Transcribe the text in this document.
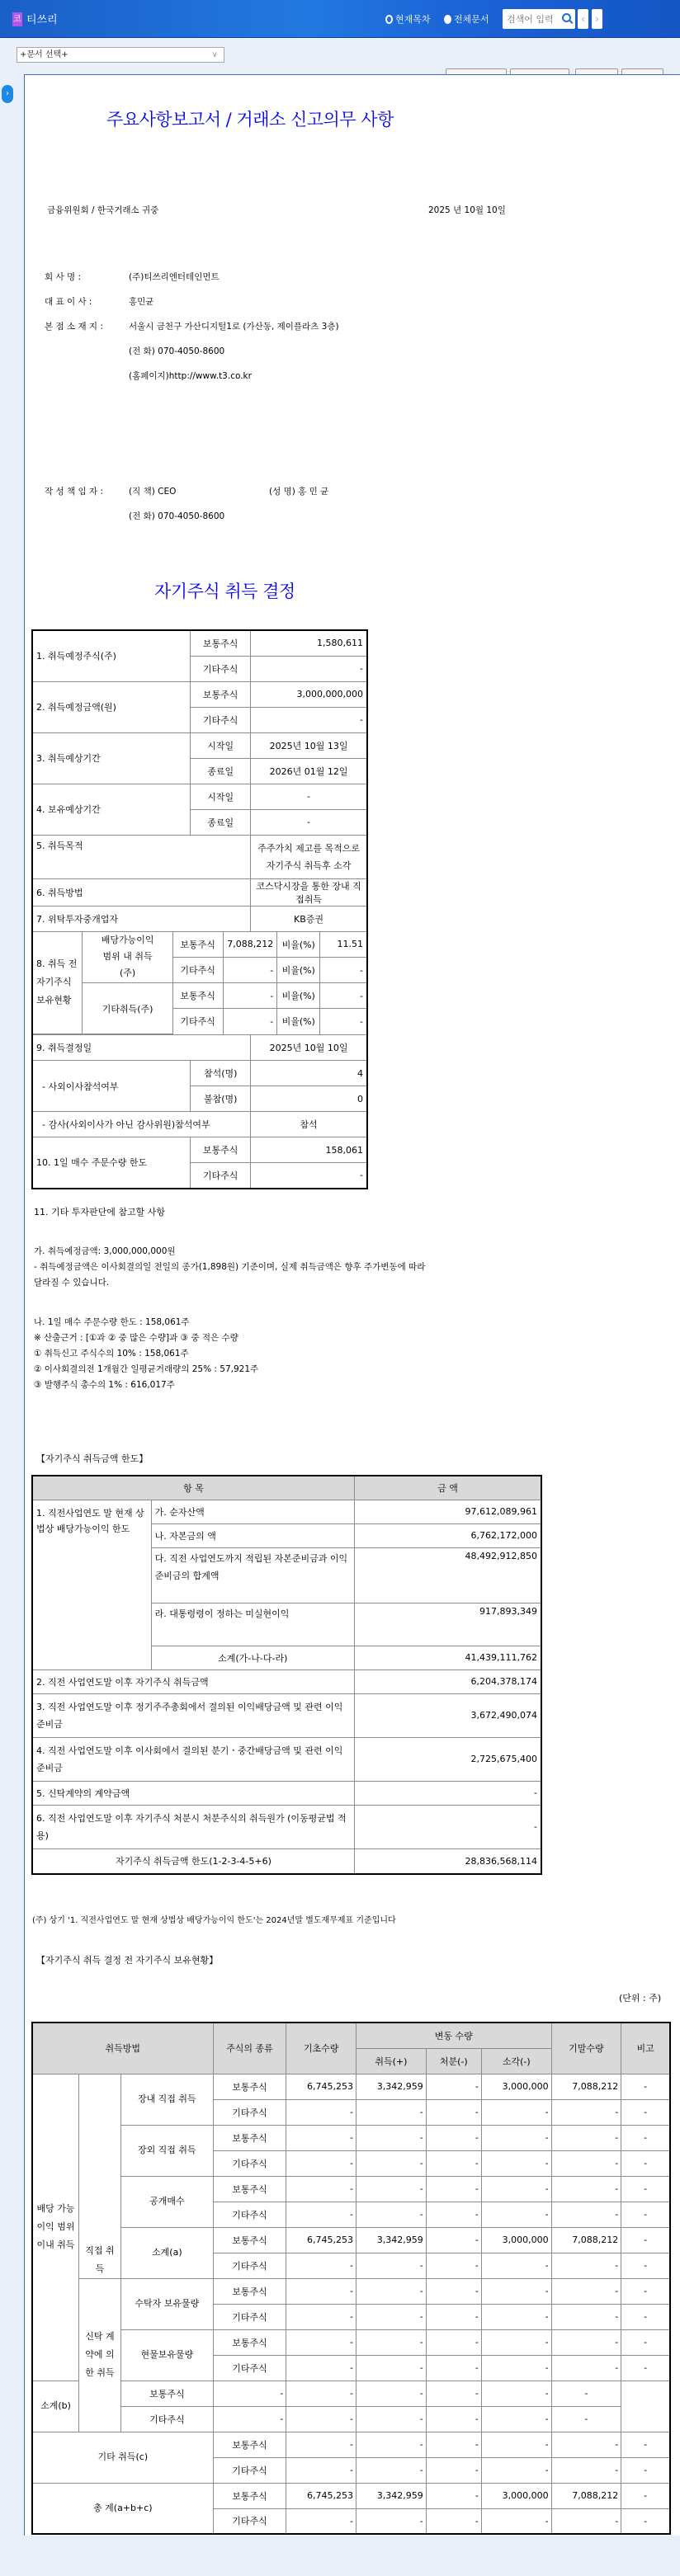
코 티쓰리	현재목차	전체문서
검색어 입력	‹	›
+문서 선택+	∨
›
주요사항보고서 / 거래소 신고의무 사항
금융위원회 / 한국거래소 귀중	2025 년 10월 10일
회 사 명 :	(주)티쓰리엔터테인먼트
대 표 이 사 :	홍민균
본 점 소 재 지 :	서울시 금천구 가산디지털1로 (가산동, 제이플라츠 3층)
(전 화) 070-4050-8600
(홈페이지)http://www.t3.co.kr
작 성 책 임 자 :	(직 책) CEO	(성 명) 홍 민 균
(전 화) 070-4050-8600
자기주식 취득 결정
1. 취득예정주식(주)	보통주식	1,580,611
기타주식	-
2. 취득예정금액(원)	보통주식	3,000,000,000
기타주식	-
3. 취득예상기간	시작일	2025년 10월 13일
종료일	2026년 01월 12일
4. 보유예상기간	시작일	-
종료일	-
5. 취득목적	주주가치 제고를 목적으로
자기주식 취득후 소각

6. 취득방법	코스닥시장을 통한 장내 직접취득
7. 위탁투자중개업자	KB증권

8. 취득 전 자기주식 보유현황	배당가능이익 범위 내 취득(주)	보통주식	7,088,212	비율(%)	11.51
기타주식	-	비율(%)	-
기타취득(주)	보통주식	-	비율(%)	-
기타주식	-	비율(%)	-

9. 취득결정일	2025년 10월 10일
- 사외이사참석여부	참석(명)	4
불참(명)	0
- 감사(사외이사가 아닌 감사위원)참석여부	참석
10. 1일 매수 주문수량 한도	보통주식	158,061
기타주식	-
11. 기타 투자판단에 참고할 사항
가. 취득예정금액: 3,000,000,000원
- 취득예정금액은 이사회결의일 전일의 종가(1,898원) 기준이며, 실제 취득금액은 향후 주가변동에 따라
달라질 수 있습니다.
나. 1일 매수 주문수량 한도 : 158,061주
※ 산출근거 : [①과 ② 중 많은 수량]과 ③ 중 적은 수량
① 취득신고 주식수의 10% : 158,061주
② 이사회결의전 1개월간 일평균거래량의 25% : 57,921주
③ 발행주식 총수의 1% : 616,017주
【자기주식 취득금액 한도】
항 목		금 액
1. 직전사업연도 말 현재 상법상 배당가능이익 한도	가. 순자산액	97,612,089,961
	나. 자본금의 액	6,762,172,000
	다. 직전 사업연도까지 적립된 자본준비금과 이익준비금의 합계액	48,492,912,850
	라. 대통령령이 정하는 미실현이익	917,893,349
	소계(가-나-다-라)	41,439,111,762
2. 직전 사업연도말 이후 자기주식 취득금액		6,204,378,174
3. 직전 사업연도말 이후 정기주주총회에서 결의된 이익배당금액 및 관련 이익준비금		3,672,490,074
4. 직전 사업연도말 이후 이사회에서 결의된 분기ㆍ중간배당금액 및 관련 이익준비금		2,725,675,400
5. 신탁계약의 계약금액		-
6. 직전 사업연도말 이후 자기주식 처분시 처분주식의 취득원가 (이동평균법 적용)		-
자기주식 취득금액 한도(1-2-3-4-5+6)		28,836,568,114
(주) 상기 '1. 직전사업연도 말 현재 상법상 배당가능이익 한도'는 2024년말 별도재무제표 기준입니다
【자기주식 취득 결정 전 자기주식 보유현황】
(단위 : 주)
취득방법			주식의 종류	기초수량	변동 수량			기말수량	비고
					취득(+)	처분(-)	소각(-)		
배당 가능 이익 범위 이내 취득	직접 취득	장내 직접 취득	보통주식	6,745,253	3,342,959	-	3,000,000	7,088,212	-
			기타주식	-	-	-	-	-	-
		장외 직접 취득	보통주식	-	-	-	-	-	-
			기타주식	-	-	-	-	-	-
		공개매수	보통주식	-	-	-	-	-	-
			기타주식	-	-	-	-	-	-
		소계(a)	보통주식	6,745,253	3,342,959	-	3,000,000	7,088,212	-
			기타주식	-	-	-	-	-	-
	신탁 계약에 의한 취득	수탁자 보유물량	보통주식	-	-	-	-	-	-
			기타주식	-	-	-	-	-	-
		현물보유물량	보통주식	-	-	-	-	-	-
			기타주식	-	-	-	-	-	-
소계(b)		보통주식	-	-	-	-	-	-	
		기타주식	-	-	-	-	-	-	
기타 취득(c)			보통주식	-	-	-	-	-	-
			기타주식	-	-	-	-	-	-
총 계(a+b+c)			보통주식	6,745,253	3,342,959	-	3,000,000	7,088,212	-
			기타주식	-	-	-	-	-	-
